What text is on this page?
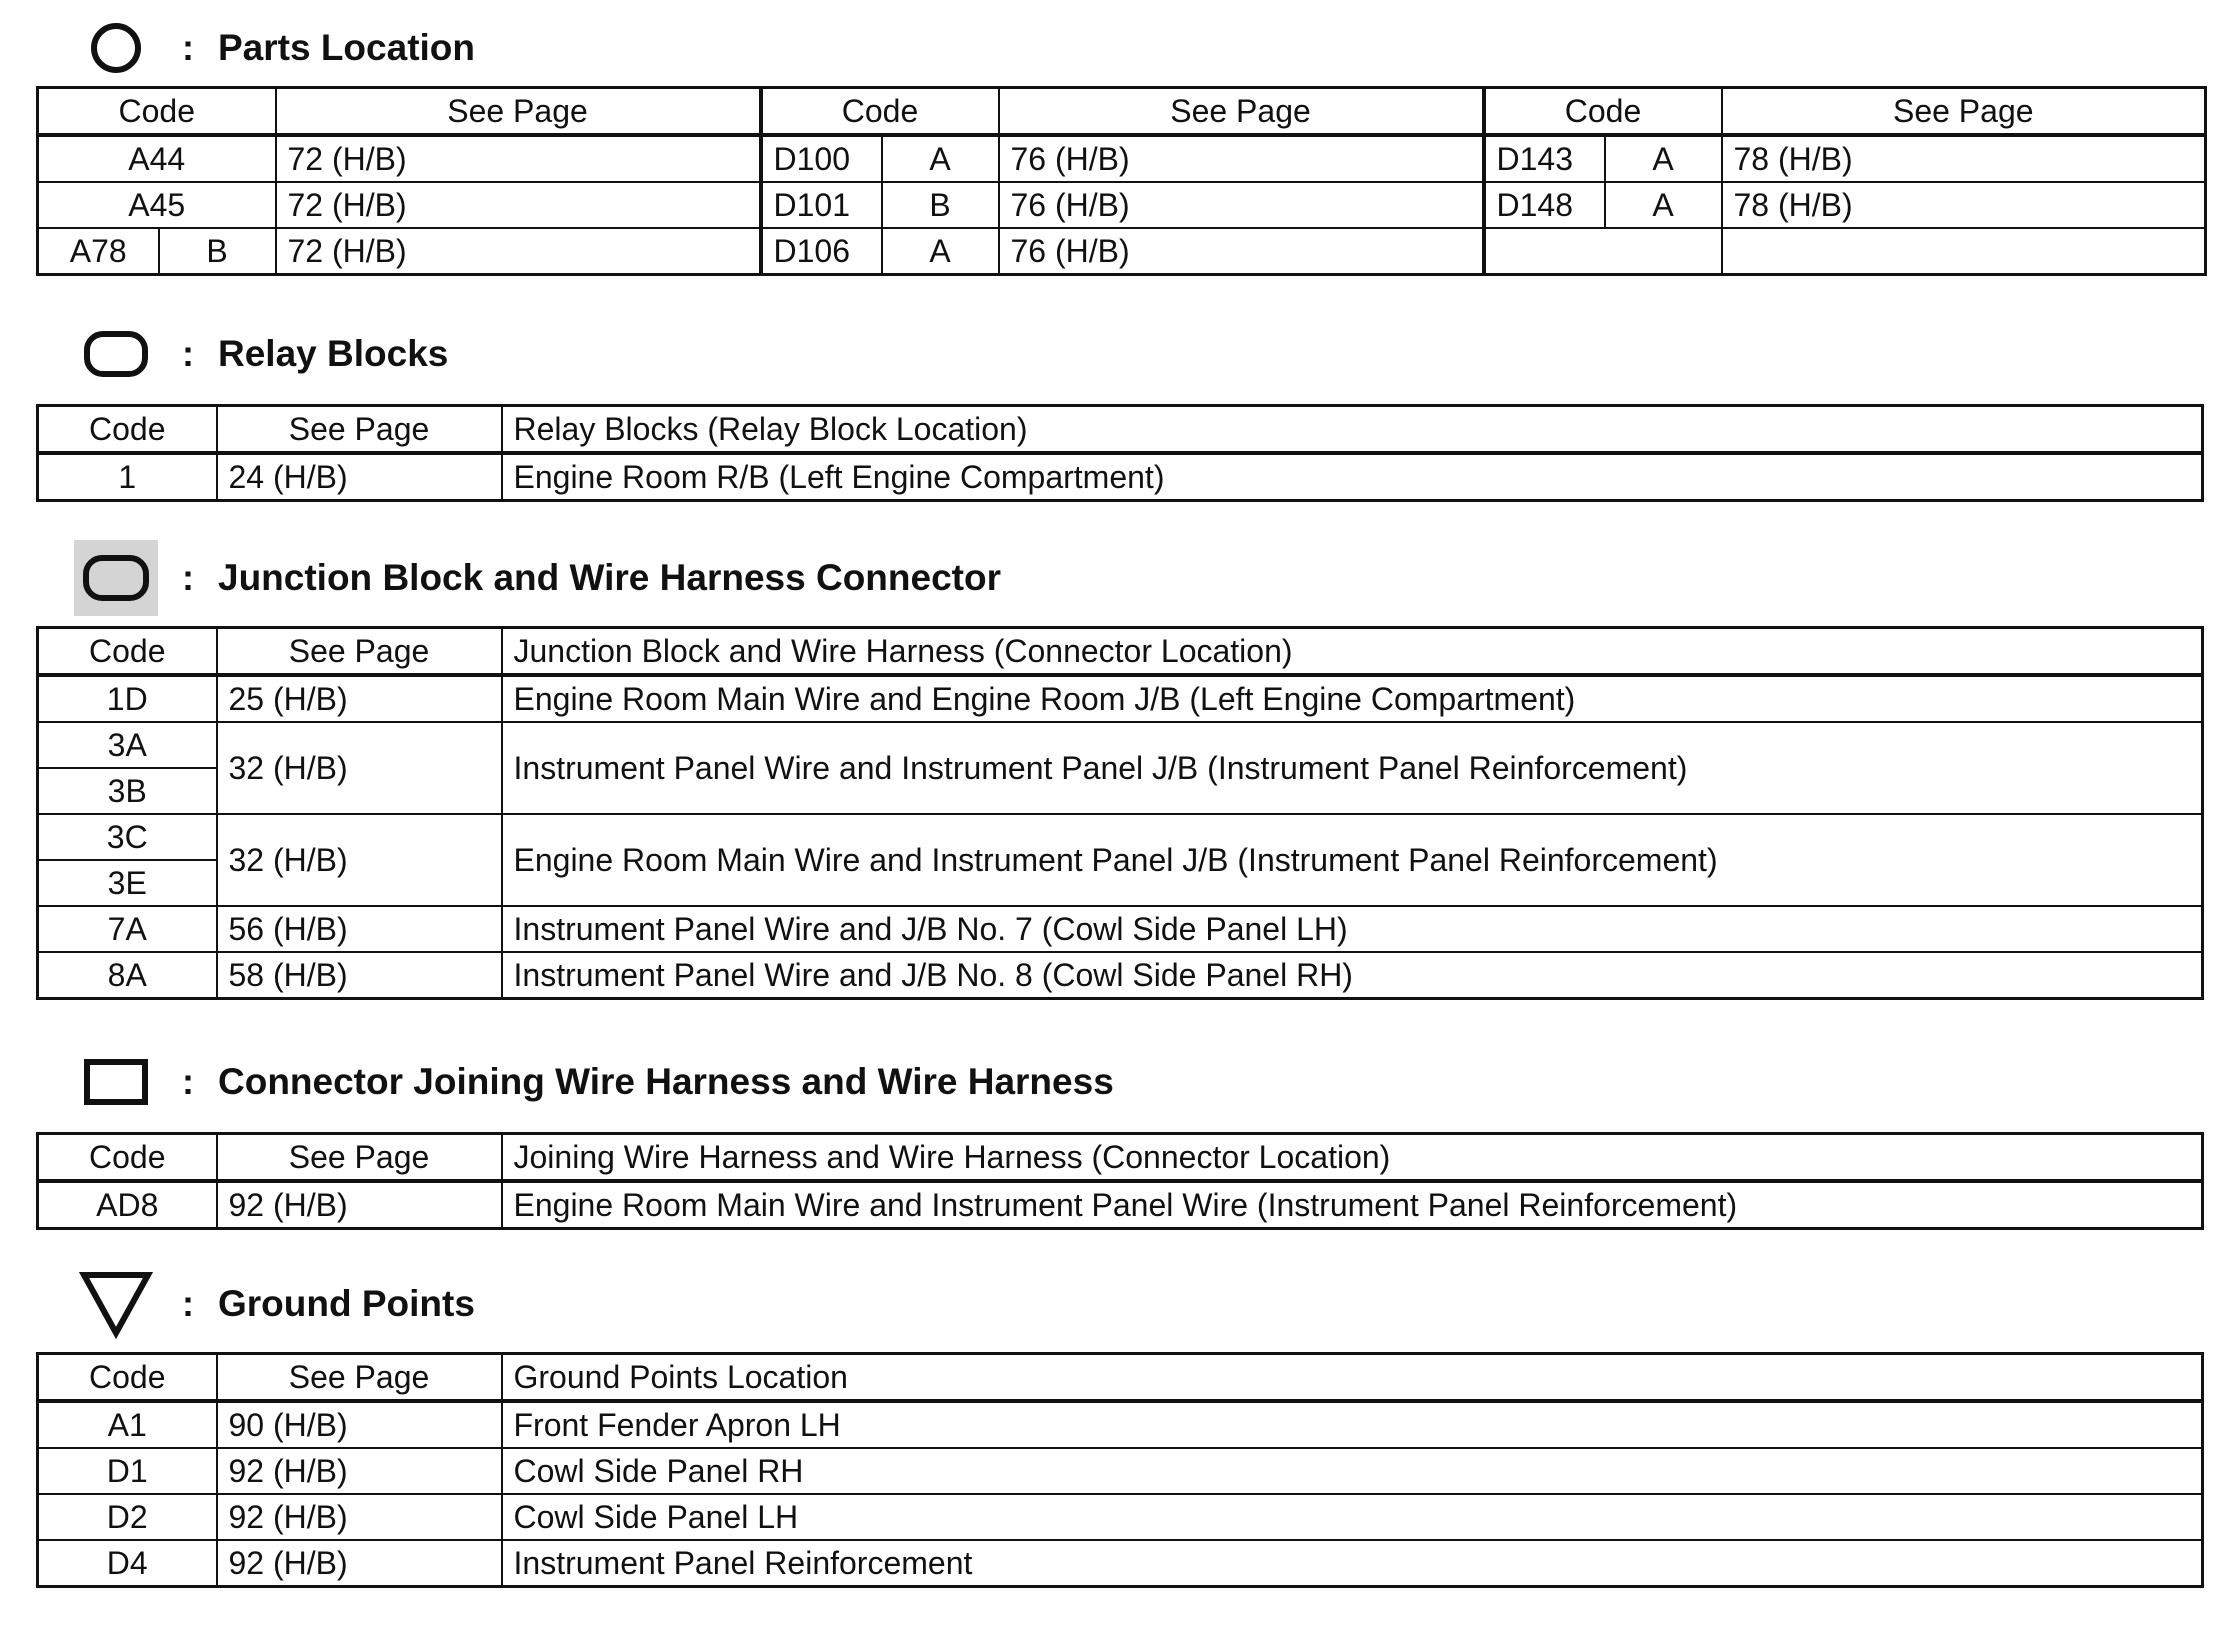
: Parts Location
Code		See Page	Code		See Page	Code		See Page
A44		72 (H/B)	D100	A	76 (H/B)	D143	A	78 (H/B)
A45		72 (H/B)	D101	B	76 (H/B)	D148	A	78 (H/B)
A78	B	72 (H/B)	D106	A	76 (H/B)			
: Relay Blocks
Code	See Page	Relay Blocks (Relay Block Location)
1	24 (H/B)	Engine Room R/B (Left Engine Compartment)
: Junction Block and Wire Harness Connector
Code	See Page	Junction Block and Wire Harness (Connector Location)
1D	25 (H/B)	Engine Room Main Wire and Engine Room J/B (Left Engine Compartment)
3A	32 (H/B)	Instrument Panel Wire and Instrument Panel J/B (Instrument Panel Reinforcement)
3B		
3C	32 (H/B)	Engine Room Main Wire and Instrument Panel J/B (Instrument Panel Reinforcement)
3E		
7A	56 (H/B)	Instrument Panel Wire and J/B No. 7 (Cowl Side Panel LH)
8A	58 (H/B)	Instrument Panel Wire and J/B No. 8 (Cowl Side Panel RH)
: Connector Joining Wire Harness and Wire Harness
Code	See Page	Joining Wire Harness and Wire Harness (Connector Location)
AD8	92 (H/B)	Engine Room Main Wire and Instrument Panel Wire (Instrument Panel Reinforcement)
: Ground Points
Code	See Page	Ground Points Location
A1	90 (H/B)	Front Fender Apron LH
D1	92 (H/B)	Cowl Side Panel RH
D2	92 (H/B)	Cowl Side Panel LH
D4	92 (H/B)	Instrument Panel Reinforcement
